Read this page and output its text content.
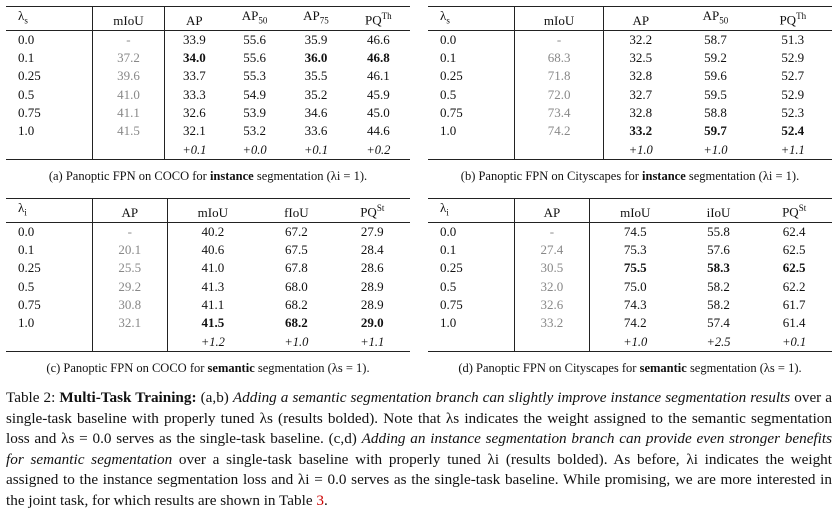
$\lambda_s$	mIoU	AP	$AP_{50}$	$AP_{75}$	$PQ^{Th}$
0.0	-	33.9	55.6	35.9	46.6
0.1	37.2	34.0	55.6	36.0	46.8
0.25	39.6	33.7	55.3	35.5	46.1
0.5	41.0	33.3	54.9	35.2	45.9
0.75	41.1	32.6	53.9	34.6	45.0
1.0	41.5	32.1	53.2	33.6	44.6
		+0.1	+0.0	+0.1	+0.2
(a) Panoptic FPN on COCO for instance segmentation (λi = 1).
$\lambda_s$	mIoU	AP	$AP_{50}$	$PQ^{Th}$
0.0	-	32.2	58.7	51.3
0.1	68.3	32.5	59.2	52.9
0.25	71.8	32.8	59.6	52.7
0.5	72.0	32.7	59.5	52.9
0.75	73.4	32.8	58.8	52.3
1.0	74.2	33.2	59.7	52.4
		+1.0	+1.0	+1.1
(b) Panoptic FPN on Cityscapes for instance segmentation (λi = 1).
$\lambda_i$	AP	mIoU	fIoU	$PQ^{St}$
0.0	-	40.2	67.2	27.9
0.1	20.1	40.6	67.5	28.4
0.25	25.5	41.0	67.8	28.6
0.5	29.2	41.3	68.0	28.9
0.75	30.8	41.1	68.2	28.9
1.0	32.1	41.5	68.2	29.0
		+1.2	+1.0	+1.1
(c) Panoptic FPN on COCO for semantic segmentation (λs = 1).
$\lambda_i$	AP	mIoU	iIoU	$PQ^{St}$
0.0	-	74.5	55.8	62.4
0.1	27.4	75.3	57.6	62.5
0.25	30.5	75.5	58.3	62.5
0.5	32.0	75.0	58.2	62.2
0.75	32.6	74.3	58.2	61.7
1.0	33.2	74.2	57.4	61.4
		+1.0	+2.5	+0.1
(d) Panoptic FPN on Cityscapes for semantic segmentation (λs = 1).
Table 2: Multi-Task Training: (a,b) Adding a semantic segmentation branch can slightly improve instance segmentation results over a single-task baseline with properly tuned λs (results bolded). Note that λs indicates the weight assigned to the semantic segmentation loss and λs = 0.0 serves as the single-task baseline. (c,d) Adding an instance segmentation branch can provide even stronger benefits for semantic segmentation over a single-task baseline with properly tuned λi (results bolded). As before, λi indicates the weight assigned to the instance segmentation loss and λi = 0.0 serves as the single-task baseline. While promising, we are more interested in the joint task, for which results are shown in Table 3.
